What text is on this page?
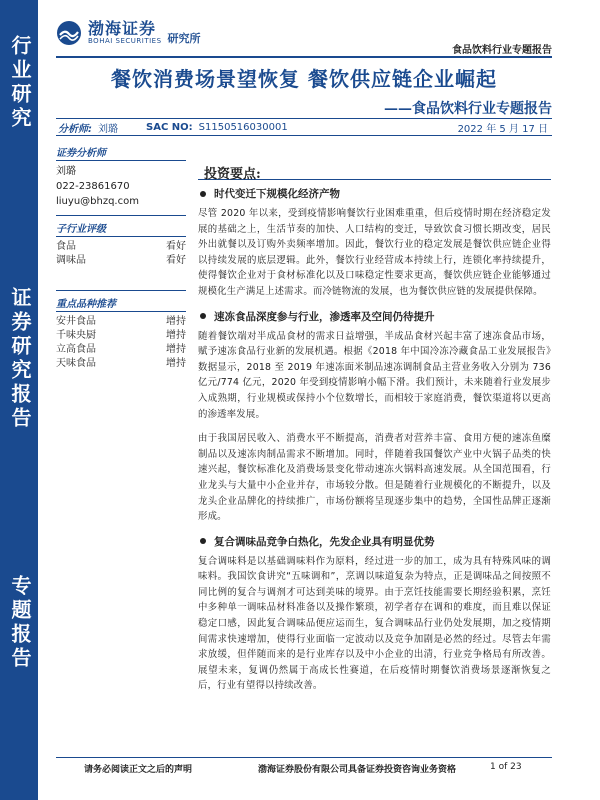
行业研究
证券研究报告
专题报告
渤海证券
BOHAI SECURITIES 研究所
食品饮料行业专题报告
餐饮消费场景望恢复 餐饮供应链企业崛起
——食品饮料行业专题报告
分析师: 刘璐	SAC NO: S1150516030001	2022 年 5 月 17 日
证券分析师
刘璐
022-23861670
liuyu@bhzq.com
子行业评级
食品	看好
调味品	看好
重点品种推荐
安井食品	增持
千味央厨	增持
立高食品	增持
天味食品	增持
投资要点:
时代变迁下规模化经济产物

尽管 2020 年以来，受到疫情影响餐饮行业困难重重，但后疫情时期在经济稳定发展的基础之上，生活节奏的加快、人口结构的变迁，导致饮食习惯长期改变，居民外出就餐以及订购外卖频率增加。因此，餐饮行业的稳定发展是餐饮供应链企业得以持续发展的底层逻辑。此外，餐饮行业经营成本持续上行，连锁化率持续提升，使得餐饮企业对于食材标准化以及口味稳定性要求更高，餐饮供应链企业能够通过规模化生产满足上述需求。而冷链物流的发展，也为餐饮供应链的发展提供保障。

速冻食品深度参与行业，渗透率及空间仍待提升

随着餐饮端对半成品食材的需求日益增强，半成品食材兴起丰富了速冻食品市场，赋予速冻食品行业新的发展机遇。根据《2018 年中国冷冻冷藏食品工业发展报告》数据显示，2018 至 2019 年速冻面米制品速冻调制食品主营业务收入分别为 736 亿元/774 亿元，2020 年受到疫情影响小幅下滑。我们预计，未来随着行业发展步入成熟期，行业规模或保持小个位数增长，而相较于家庭消费，餐饮渠道将以更高的渗透率发展。

由于我国居民收入、消费水平不断提高，消费者对营养丰富、食用方便的速冻鱼糜制品以及速冻肉制品需求不断增加。同时，伴随着我国餐饮产业中火锅子品类的快速兴起，餐饮标准化及消费场景变化带动速冻火锅料高速发展。从全国范围看，行业龙头与大量中小企业并存，市场较分散。但是随着行业规模化的不断提升，以及龙头企业品牌化的持续推广，市场份额将呈现逐步集中的趋势，全国性品牌正逐渐形成。

复合调味品竞争白热化，先发企业具有明显优势

复合调味料是以基础调味料作为原料，经过进一步的加工，成为具有特殊风味的调味料。我国饮食讲究“五味调和”，烹调以味道复杂为特点，正是调味品之间按照不同比例的复合与调剂才可达到美味的境界。由于烹饪技能需要长期经验积累，烹饪中多种单一调味品材料准备以及操作繁琐，初学者存在调和的难度，而且难以保证稳定口感，因此复合调味品便应运而生，复合调味品行业仍处发展期，加之疫情期间需求快速增加，使得行业面临一定波动以及竞争加剧是必然的经过。尽管去年需求放缓，但伴随而来的是行业库存以及中小企业的出清，行业竞争格局有所改善。展望未来，复调仍然属于高成长性赛道，在后疫情时期餐饮消费场景逐渐恢复之后，行业有望得以持续改善。

请务必阅读正文之后的声明	渤海证券股份有限公司具备证券投资咨询业务资格	1 of 23
